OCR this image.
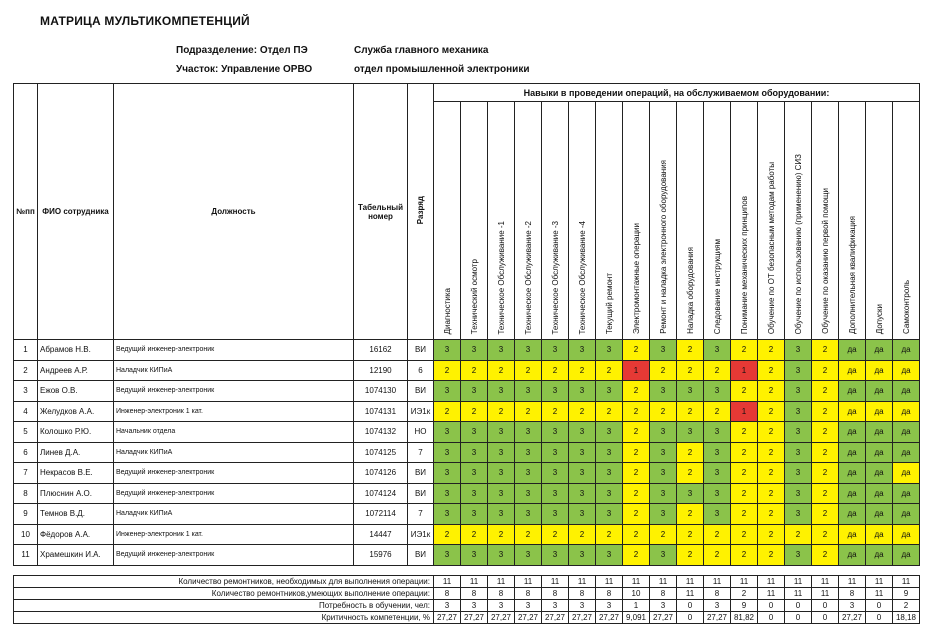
МАТРИЦА МУЛЬТИКОМПЕТЕНЦИЙ
Подразделение: Отдел ПЭ
Участок: Управление ОРВО
Служба главного механика
отдел промышленной электроники
№пп	ФИО сотрудника	Должность	Табельный номер	Разряд	Навыки в проведении операций, на обслуживаемом оборудовании:																	
					Диагностика	Технический осмотр	Техническое Обслуживание -1	Техническое Обслуживание -2	Техническое Обслуживание -3	Техническое Обслуживание -4	Текущий ремонт	Электромонтажные операции	Ремонт и наладка электронного оборудования	Наладка оборудования	Следование инструкциям	Понимание механических принципов	Обучение по ОТ безопасным методам работы	Обучение по использованию (применению) СИЗ	Обучение по оказанию первой помощи	Дополнительная квалификация	Допуски	Самоконтроль
1	Абрамов Н.В.	Ведущий инженер-электроник	16162	ВИ	3	3	3	3	3	3	3	2	3	2	3	2	2	3	2	да	да	да
2	Андреев А.Р.	Наладчик КИПиА	12190	6	2	2	2	2	2	2	2	1	2	2	2	1	2	3	2	да	да	да
3	Ежов О.В.	Ведущий инженер-электроник	1074130	ВИ	3	3	3	3	3	3	3	2	3	3	3	2	2	3	2	да	да	да
4	Желудков А.А.	Инженер-электроник 1 кат.	1074131	ИЭ1к	2	2	2	2	2	2	2	2	2	2	2	1	2	3	2	да	да	да
5	Колошко Р.Ю.	Начальник отдела	1074132	НО	3	3	3	3	3	3	3	2	3	3	3	2	2	3	2	да	да	да
6	Линев Д.А.	Наладчик КИПиА	1074125	7	3	3	3	3	3	3	3	2	3	2	3	2	2	3	2	да	да	да
7	Некрасов В.Е.	Ведущий инженер-электроник	1074126	ВИ	3	3	3	3	3	3	3	2	3	2	3	2	2	3	2	да	да	да
8	Плюснин А.О.	Ведущий инженер-электроник	1074124	ВИ	3	3	3	3	3	3	3	2	3	3	3	2	2	3	2	да	да	да
9	Темнов В.Д.	Наладчик КИПиА	1072114	7	3	3	3	3	3	3	3	2	3	2	3	2	2	3	2	да	да	да
10	Фёдоров А.А.	Инженер-электроник 1 кат.	14447	ИЭ1к	2	2	2	2	2	2	2	2	2	2	2	2	2	2	2	да	да	да
11	Храмешкин И.А.	Ведущий инженер-электроник	15976	ВИ	3	3	3	3	3	3	3	2	3	2	2	2	2	3	2	да	да	да
Количество ремонтников, необходимых для выполнения операции:	11	11	11	11	11	11	11	11	11	11	11	11	11	11	11	11	11	11
Количество ремонтников,умеющих выполнение операции:	8	8	8	8	8	8	8	10	8	11	8	2	11	11	11	8	11	9
Потребность в обучении, чел:	3	3	3	3	3	3	3	1	3	0	3	9	0	0	0	3	0	2
Критичность компетенции, %	27,27	27,27	27,27	27,27	27,27	27,27	27,27	9,091	27,27	0	27,27	81,82	0	0	0	27,27	0	18,18
